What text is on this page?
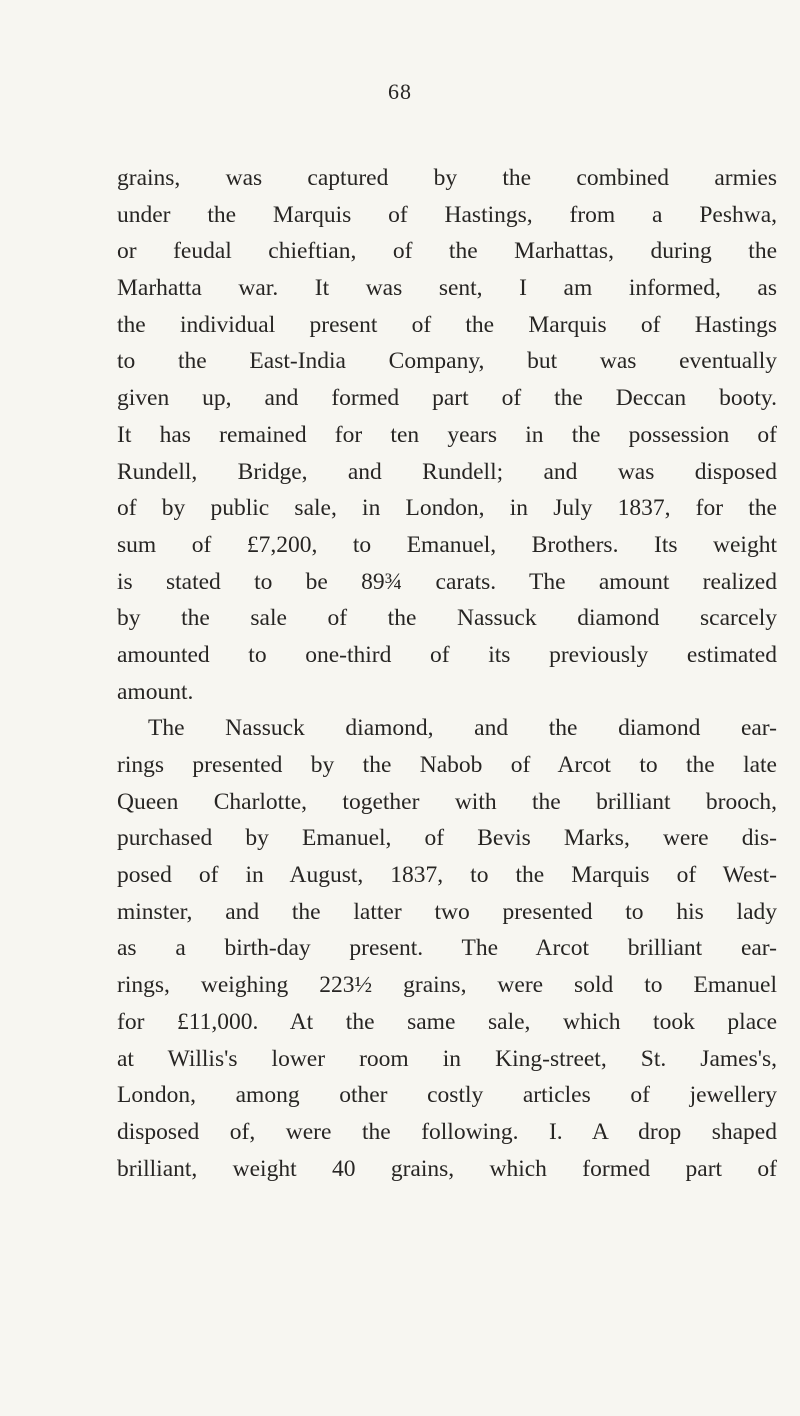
68
grains, was captured by the combined armies
under the Marquis of Hastings, from a Peshwa,
or feudal chieftian, of the Marhattas, during the
Marhatta war. It was sent, I am informed, as
the individual present of the Marquis of Hastings
to the East-India Company, but was eventually
given up, and formed part of the Deccan booty.
It has remained for ten years in the possession of
Rundell, Bridge, and Rundell; and was disposed
of by public sale, in London, in July 1837, for the
sum of £7,200, to Emanuel, Brothers. Its weight
is stated to be 89¾ carats. The amount realized
by the sale of the Nassuck diamond scarcely
amounted to one-third of its previously estimated
amount.
The Nassuck diamond, and the diamond ear-
rings presented by the Nabob of Arcot to the late
Queen Charlotte, together with the brilliant brooch,
purchased by Emanuel, of Bevis Marks, were dis-
posed of in August, 1837, to the Marquis of West-
minster, and the latter two presented to his lady
as a birth-day present. The Arcot brilliant ear-
rings, weighing 223½ grains, were sold to Emanuel
for £11,000. At the same sale, which took place
at Willis's lower room in King-street, St. James's,
London, among other costly articles of jewellery
disposed of, were the following. I. A drop shaped
brilliant, weight 40 grains, which formed part of
